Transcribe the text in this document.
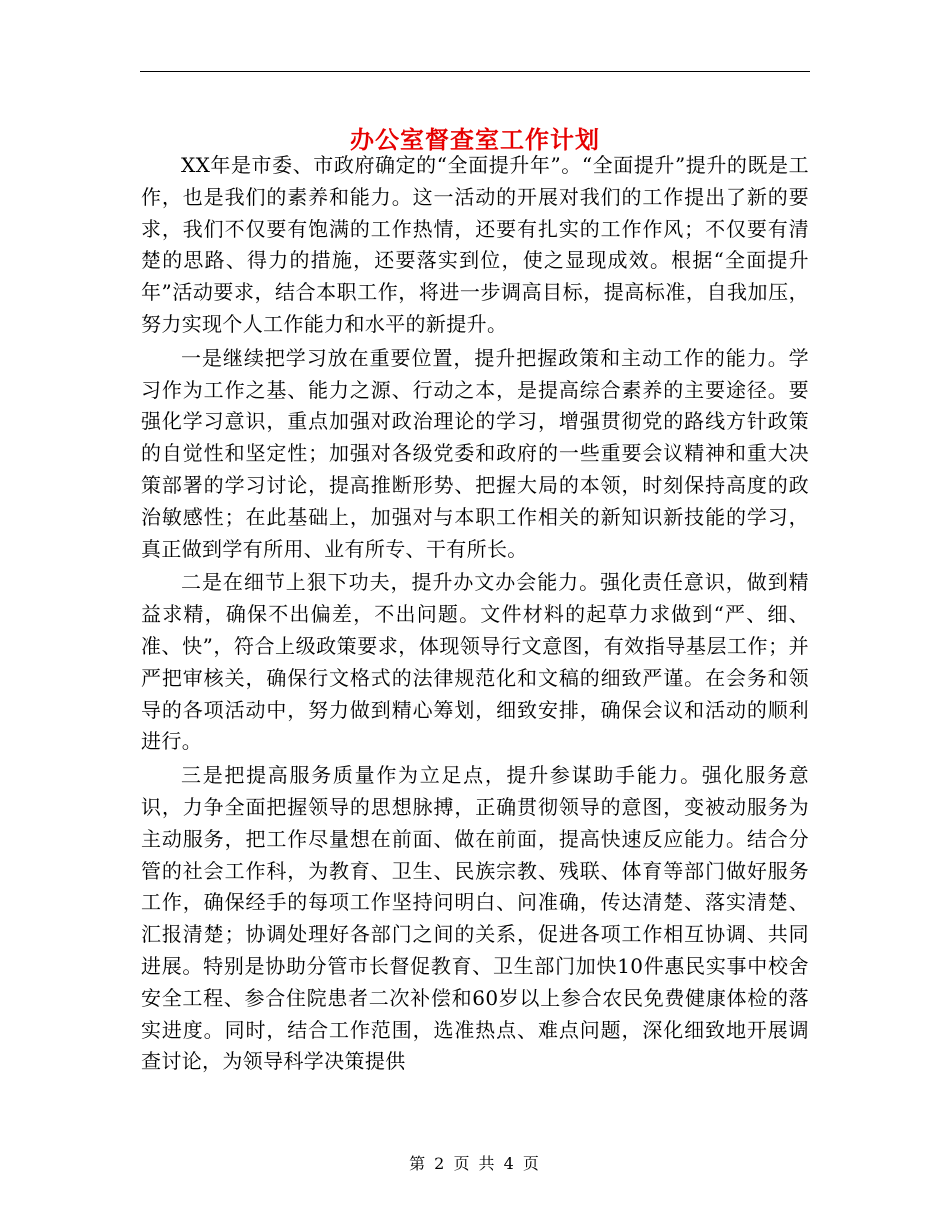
办公室督查室工作计划

XX年是市委、市政府确定的“全面提升年”。“全面提升”提升的既是工作，也是我们的素养和能力。这一活动的开展对我们的工作提出了新的要求，我们不仅要有饱满的工作热情，还要有扎实的工作作风；不仅要有清楚的思路、得力的措施，还要落实到位，使之显现成效。根据“全面提升年”活动要求，结合本职工作，将进一步调高目标，提高标准，自我加压，努力实现个人工作能力和水平的新提升。

一是继续把学习放在重要位置，提升把握政策和主动工作的能力。学习作为工作之基、能力之源、行动之本，是提高综合素养的主要途径。要强化学习意识，重点加强对政治理论的学习，增强贯彻党的路线方针政策的自觉性和坚定性；加强对各级党委和政府的一些重要会议精神和重大决策部署的学习讨论，提高推断形势、把握大局的本领，时刻保持高度的政治敏感性；在此基础上，加强对与本职工作相关的新知识新技能的学习，真正做到学有所用、业有所专、干有所长。

二是在细节上狠下功夫，提升办文办会能力。强化责任意识，做到精益求精，确保不出偏差，不出问题。文件材料的起草力求做到“严、细、准、快”，符合上级政策要求，体现领导行文意图，有效指导基层工作；并严把审核关，确保行文格式的法律规范化和文稿的细致严谨。在会务和领导的各项活动中，努力做到精心筹划，细致安排，确保会议和活动的顺利进行。

三是把提高服务质量作为立足点，提升参谋助手能力。强化服务意识，力争全面把握领导的思想脉搏，正确贯彻领导的意图，变被动服务为主动服务，把工作尽量想在前面、做在前面，提高快速反应能力。结合分管的社会工作科，为教育、卫生、民族宗教、残联、体育等部门做好服务工作，确保经手的每项工作坚持问明白、问准确，传达清楚、落实清楚、汇报清楚；协调处理好各部门之间的关系，促进各项工作相互协调、共同进展。特别是协助分管市长督促教育、卫生部门加快10件惠民实事中校舍安全工程、参合住院患者二次补偿和60岁以上参合农民免费健康体检的落实进度。同时，结合工作范围，选准热点、难点问题，深化细致地开展调查讨论，为领导科学决策提供

第 2 页 共 4 页
